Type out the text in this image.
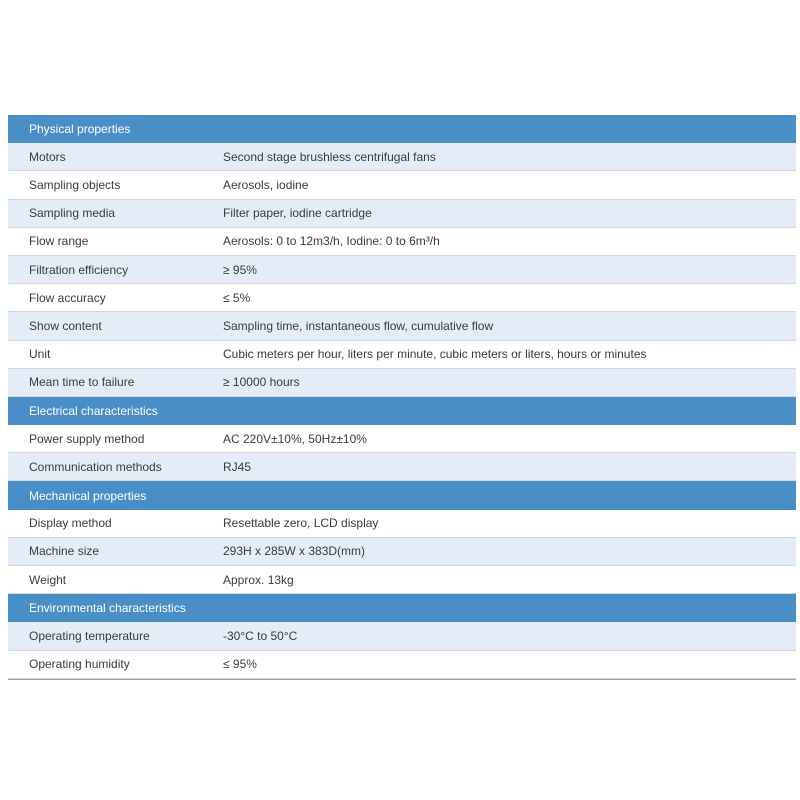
Physical properties
Motors	Second stage brushless centrifugal fans
Sampling objects	Aerosols, iodine
Sampling media	Filter paper, iodine cartridge
Flow range	Aerosols: 0 to 12m3/h, Iodine: 0 to 6m³/h
Filtration efficiency	≥ 95%
Flow accuracy	≤ 5%
Show content	Sampling time, instantaneous flow, cumulative flow
Unit	Cubic meters per hour, liters per minute, cubic meters or liters, hours or minutes
Mean time to failure	≥ 10000 hours
Electrical characteristics
Power supply method	AC 220V±10%, 50Hz±10%
Communication methods	RJ45
Mechanical properties
Display method	Resettable zero, LCD display
Machine size	293H x 285W x 383D(mm)
Weight	Approx. 13kg
Environmental characteristics
Operating temperature	-30°C to 50°C
Operating humidity	≤ 95%
